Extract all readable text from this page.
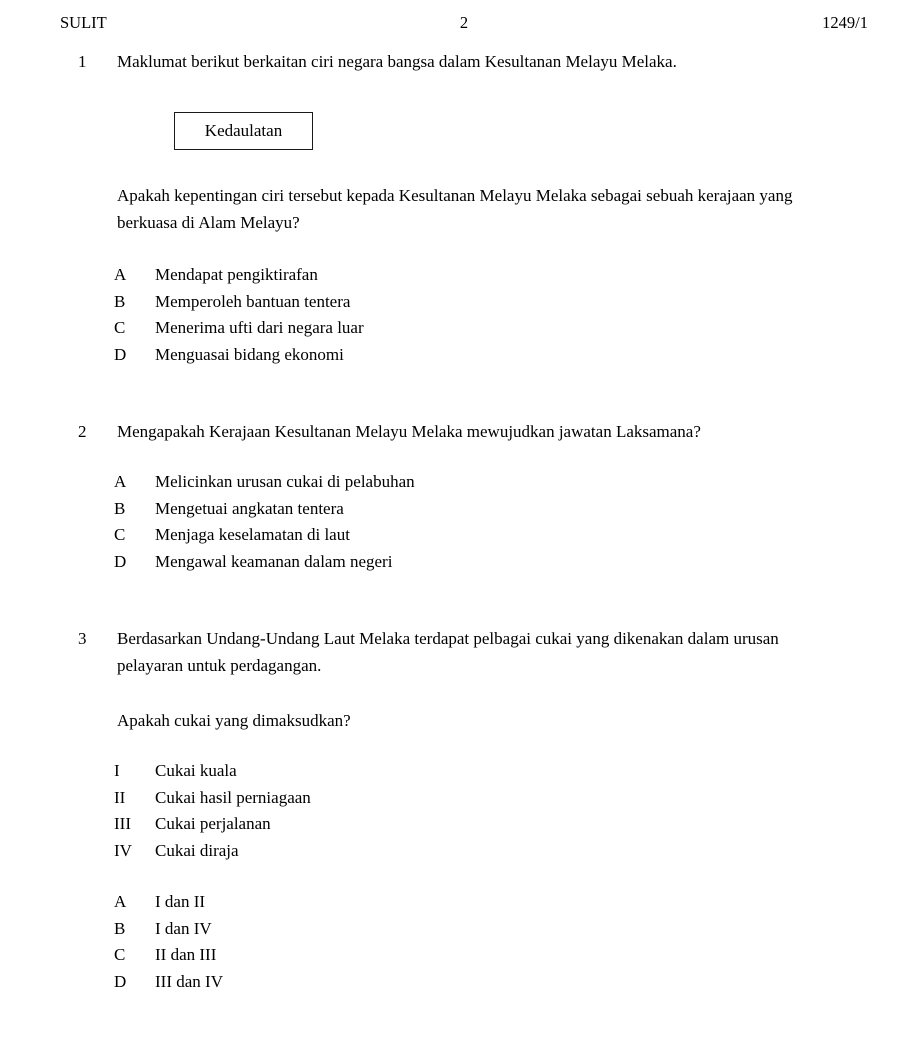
SULIT	2	1249/1
1	Maklumat berikut berkaitan ciri negara bangsa dalam Kesultanan Melayu Melaka.
Kedaulatan
Apakah kepentingan ciri tersebut kepada Kesultanan Melayu Melaka sebagai sebuah kerajaan yang berkuasa di Alam Melayu?
A	Mendapat pengiktirafan
B	Memperoleh bantuan tentera
C	Menerima ufti dari negara luar
D	Menguasai bidang ekonomi
2	Mengapakah Kerajaan Kesultanan Melayu Melaka mewujudkan jawatan Laksamana?
A	Melicinkan urusan cukai di pelabuhan
B	Mengetuai angkatan tentera
C	Menjaga keselamatan di laut
D	Mengawal keamanan dalam negeri
3	Berdasarkan Undang-Undang Laut Melaka terdapat pelbagai cukai yang dikenakan dalam urusan pelayaran untuk perdagangan.
Apakah cukai yang dimaksudkan?
I	Cukai kuala
II	Cukai hasil perniagaan
III	Cukai perjalanan
IV	Cukai diraja
A	I dan II
B	I dan IV
C	II dan III
D	III dan IV
